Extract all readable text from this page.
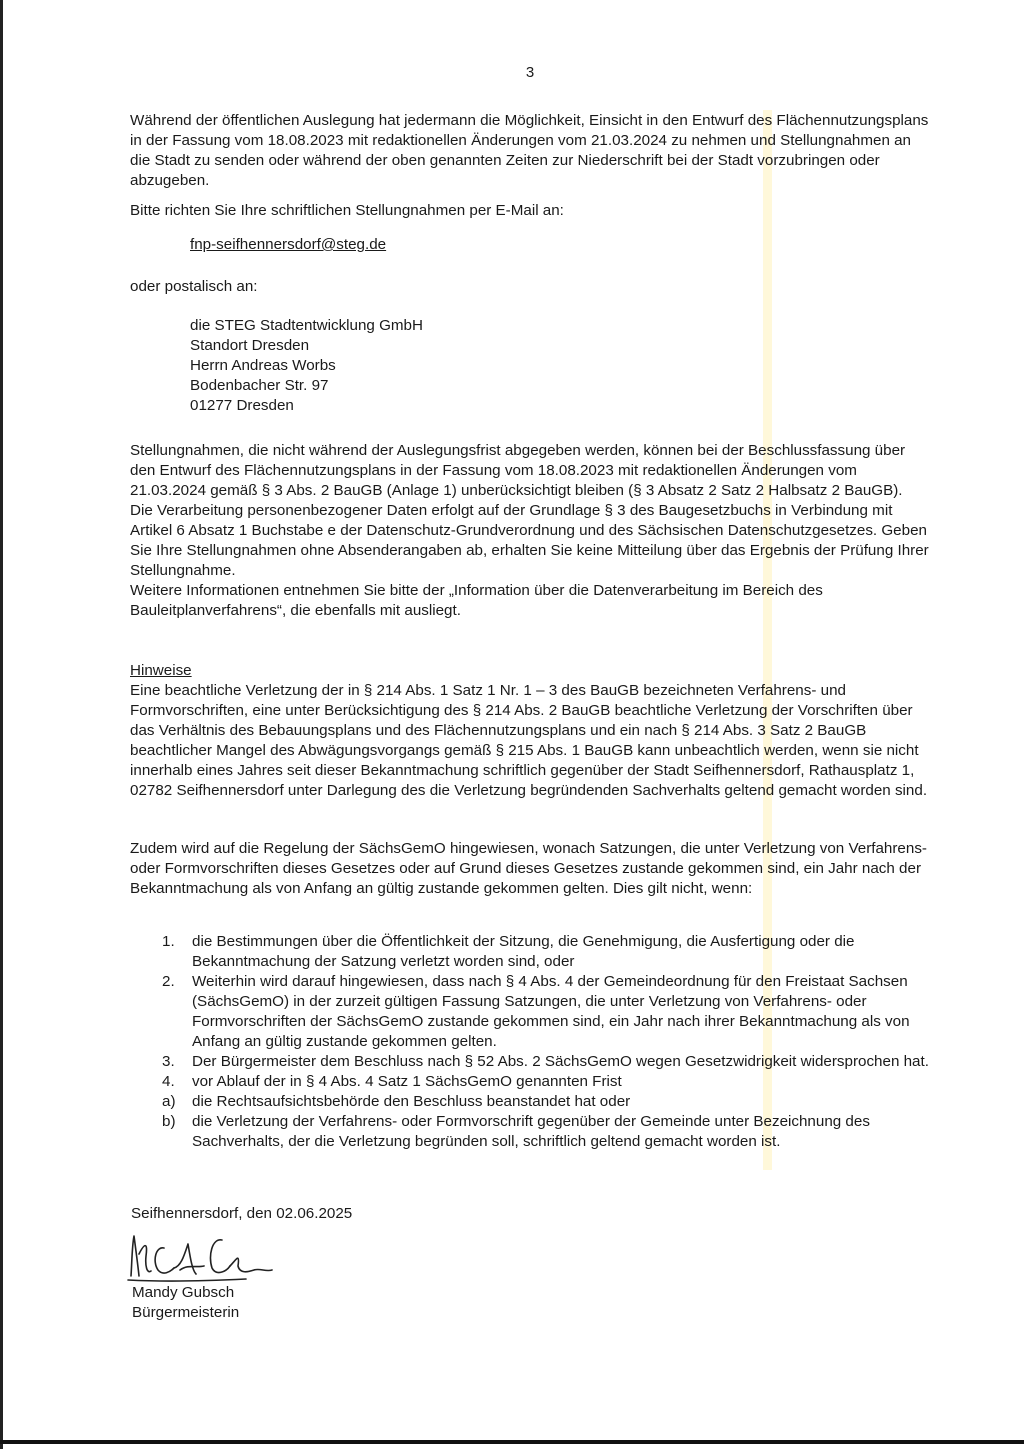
3

Während der öffentlichen Auslegung hat jedermann die Möglichkeit, Einsicht in den Entwurf des Flächennutzungsplans in der Fassung vom 18.08.2023 mit redaktionellen Änderungen vom 21.03.2024 zu nehmen und Stellungnahmen an die Stadt zu senden oder während der oben genannten Zeiten zur Niederschrift bei der Stadt vorzubringen oder abzugeben.

Bitte richten Sie Ihre schriftlichen Stellungnahmen per E-Mail an:

fnp-seifhennersdorf@steg.de

oder postalisch an:

die STEG Stadtentwicklung GmbH
Standort Dresden
Herrn Andreas Worbs
Bodenbacher Str. 97
01277 Dresden

Stellungnahmen, die nicht während der Auslegungsfrist abgegeben werden, können bei der Beschlussfassung über den Entwurf des Flächennutzungsplans in der Fassung vom 18.08.2023 mit redaktionellen Änderungen vom 21.03.2024 gemäß § 3 Abs. 2 BauGB (Anlage 1) unberücksichtigt bleiben (§ 3 Absatz 2 Satz 2 Halbsatz 2 BauGB).

Die Verarbeitung personenbezogener Daten erfolgt auf der Grundlage § 3 des Baugesetzbuchs in Verbindung mit Artikel 6 Absatz 1 Buchstabe e der Datenschutz-Grundverordnung und des Sächsischen Datenschutzgesetzes. Geben Sie Ihre Stellungnahmen ohne Absenderangaben ab, erhalten Sie keine Mitteilung über das Ergebnis der Prüfung Ihrer Stellungnahme.

Weitere Informationen entnehmen Sie bitte der „Information über die Datenverarbeitung im Bereich des Bauleitplanverfahrens“, die ebenfalls mit ausliegt.

Hinweise

Eine beachtliche Verletzung der in § 214 Abs. 1 Satz 1 Nr. 1 – 3 des BauGB bezeichneten Verfahrens- und Formvorschriften, eine unter Berücksichtigung des § 214 Abs. 2 BauGB beachtliche Verletzung der Vorschriften über das Verhältnis des Bebauungsplans und des Flächennutzungsplans und ein nach § 214 Abs. 3 Satz 2 BauGB beachtlicher Mangel des Abwägungsvorgangs gemäß § 215 Abs. 1 BauGB kann unbeachtlich werden, wenn sie nicht innerhalb eines Jahres seit dieser Bekanntmachung schriftlich gegenüber der Stadt Seifhennersdorf, Rathausplatz 1, 02782 Seifhennersdorf unter Darlegung des die Verletzung begründenden Sachverhalts geltend gemacht worden sind.

Zudem wird auf die Regelung der SächsGemO hingewiesen, wonach Satzungen, die unter Verletzung von Verfahrens- oder Formvorschriften dieses Gesetzes oder auf Grund dieses Gesetzes zustande gekommen sind, ein Jahr nach der Bekanntmachung als von Anfang an gültig zustande gekommen gelten. Dies gilt nicht, wenn:

1. die Bestimmungen über die Öffentlichkeit der Sitzung, die Genehmigung, die Ausfertigung oder die Bekanntmachung der Satzung verletzt worden sind, oder
2. Weiterhin wird darauf hingewiesen, dass nach § 4 Abs. 4 der Gemeindeordnung für den Freistaat Sachsen (SächsGemO) in der zurzeit gültigen Fassung Satzungen, die unter Verletzung von Verfahrens- oder Formvorschriften der SächsGemO zustande gekommen sind, ein Jahr nach ihrer Bekanntmachung als von Anfang an gültig zustande gekommen gelten.
3. Der Bürgermeister dem Beschluss nach § 52 Abs. 2 SächsGemO wegen Gesetzwidrigkeit widersprochen hat.
4. vor Ablauf der in § 4 Abs. 4 Satz 1 SächsGemO genannten Frist
a) die Rechtsaufsichtsbehörde den Beschluss beanstandet hat oder
b) die Verletzung der Verfahrens- oder Formvorschrift gegenüber der Gemeinde unter Bezeichnung des Sachverhalts, der die Verletzung begründen soll, schriftlich geltend gemacht worden ist.
Seifhennersdorf, den 02.06.2025
Mandy Gubsch
Bürgermeisterin
